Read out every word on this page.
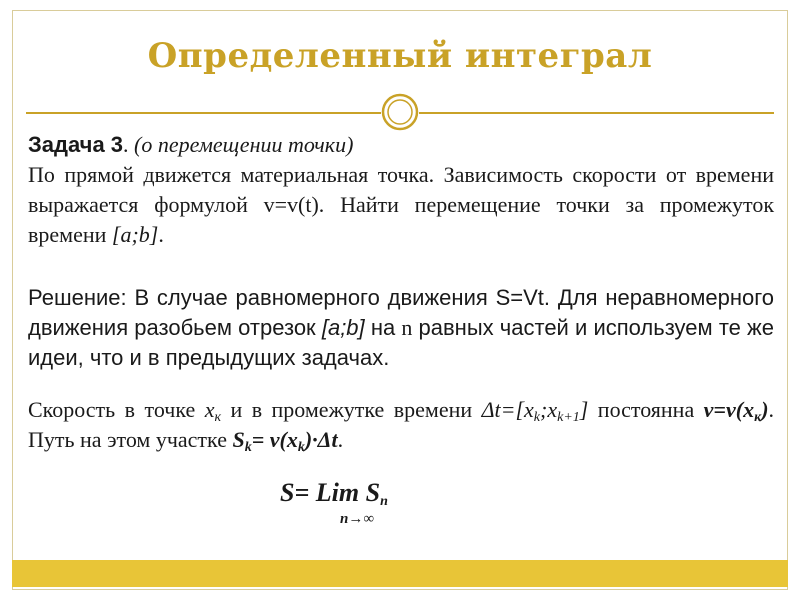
Определенный интеграл
Задача 3. (о перемещении точки)
По прямой движется материальная точка. Зависимость скорости от времени выражается формулой v=v(t). Найти перемещение точки за промежуток времени [a;b].
Решение: В случае равномерного движения S=Vt. Для неравномерного движения разобьем отрезок [a;b] на n равных частей и используем те же идеи, что и в предыдущих задачах.
Скорость в точке $x_к$ и в промежутке времени $\Delta t=[x_k;x_{k+1}]$ постоянна $v=v(x_к)$. Путь на этом участке $S_k= v(x_k)\cdot\Delta t$.
S= Lim $S_n$
n→∞
